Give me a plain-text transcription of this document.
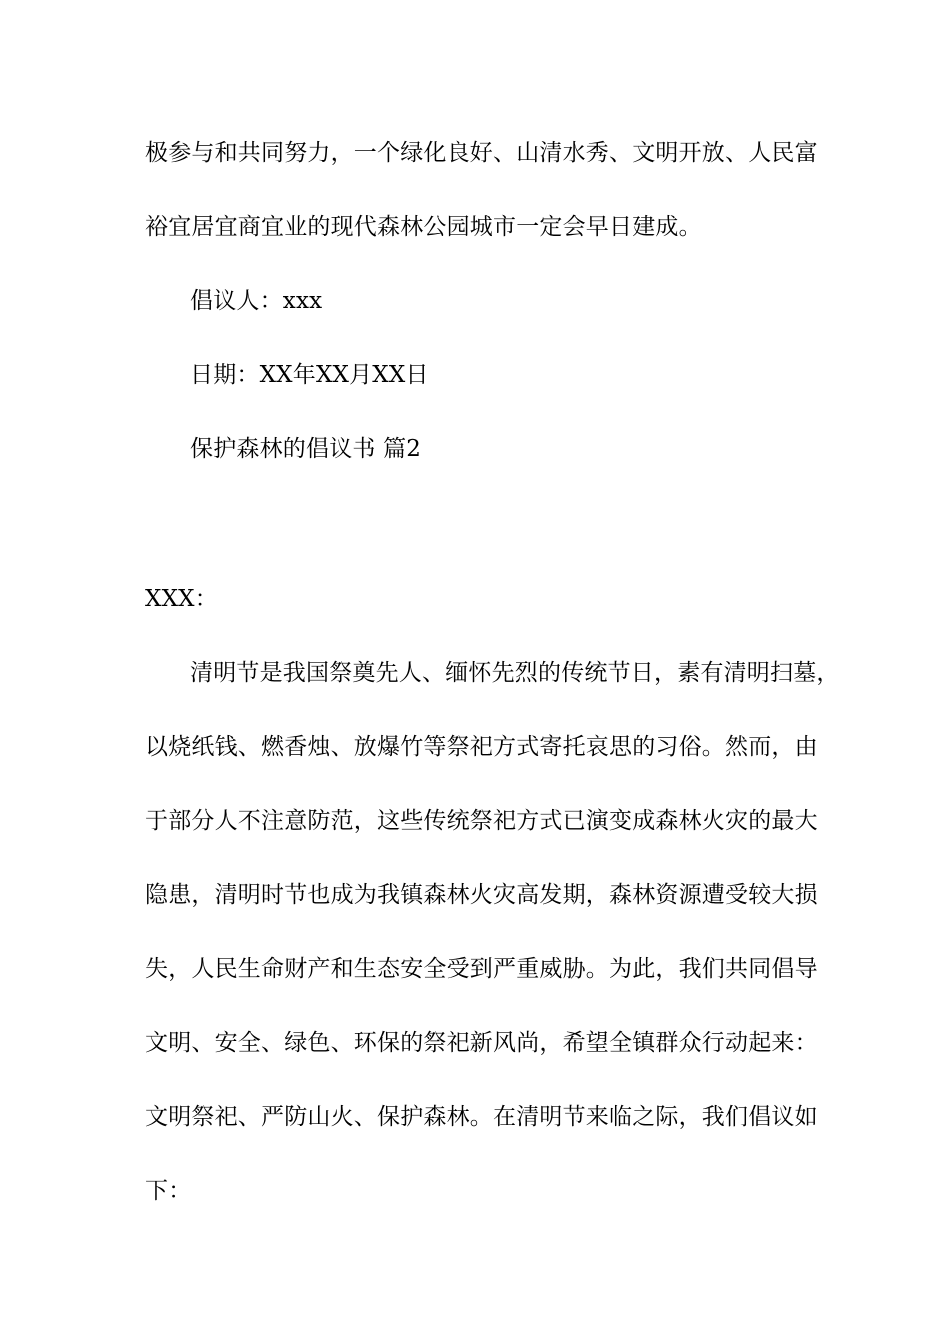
极参与和共同努力，一个绿化良好、山清水秀、文明开放、人民富
裕宜居宜商宜业的现代森林公园城市一定会早日建成。
倡议人：xxx
日期：XX年XX月XX日
保护森林的倡议书 篇2
XXX：
清明节是我国祭奠先人、缅怀先烈的传统节日，素有清明扫墓，
以烧纸钱、燃香烛、放爆竹等祭祀方式寄托哀思的习俗。然而，由
于部分人不注意防范，这些传统祭祀方式已演变成森林火灾的最大
隐患，清明时节也成为我镇森林火灾高发期，森林资源遭受较大损
失，人民生命财产和生态安全受到严重威胁。为此，我们共同倡导
文明、安全、绿色、环保的祭祀新风尚，希望全镇群众行动起来：
文明祭祀、严防山火、保护森林。在清明节来临之际，我们倡议如
下：
